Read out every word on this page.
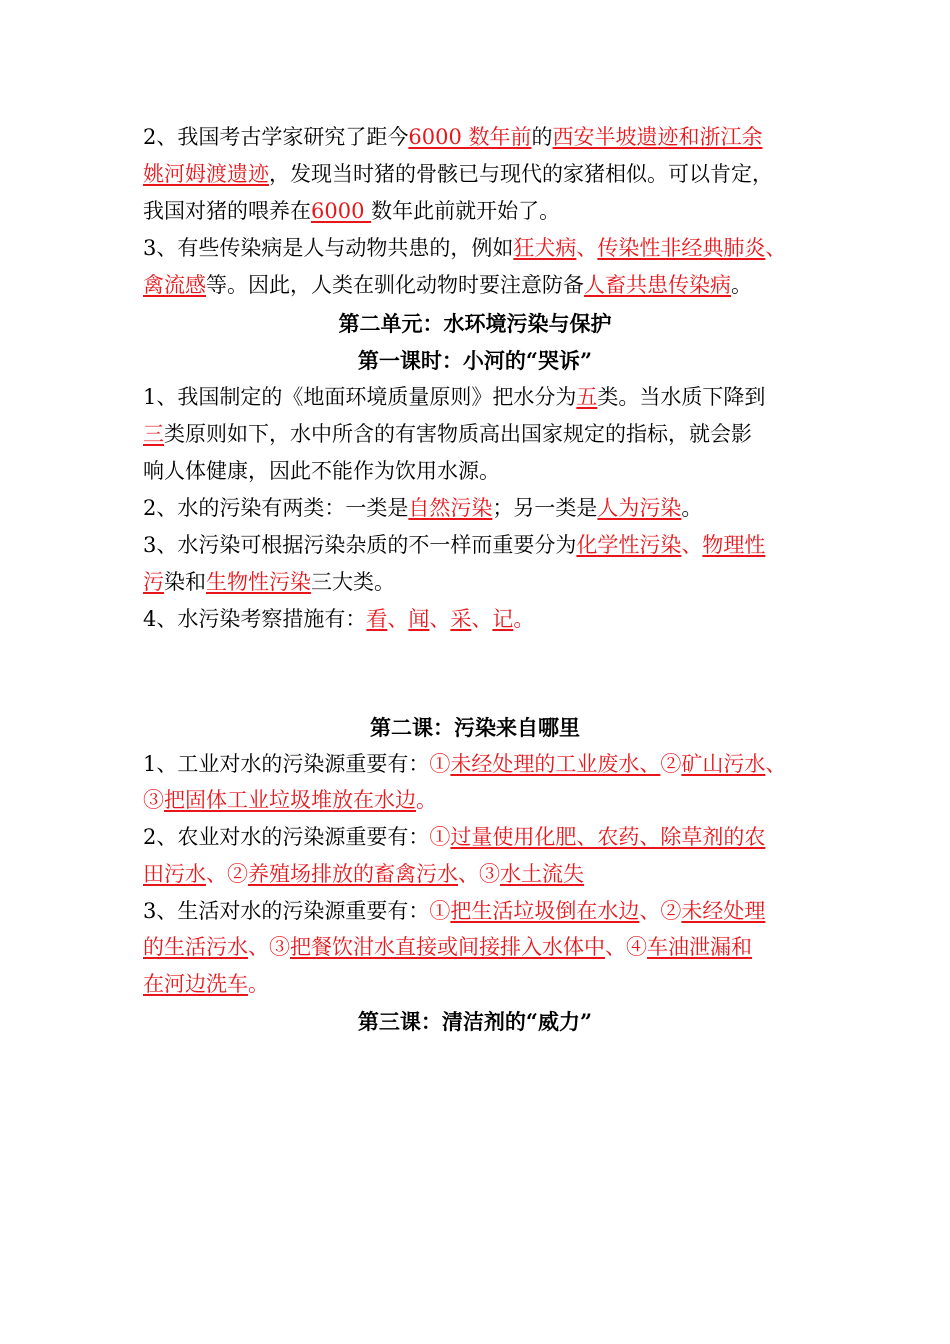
2、我国考古学家研究了距今6000 数年前的西安半坡遗迹和浙江余
姚河姆渡遗迹，发现当时猪的骨骸已与现代的家猪相似。可以肯定，
我国对猪的喂养在6000 数年此前就开始了。
3、有些传染病是人与动物共患的，例如狂犬病、传染性非经典肺炎、
禽流感等。因此，人类在驯化动物时要注意防备人畜共患传染病。
第二单元：水环境污染与保护
第一课时：小河的“哭诉”
1、我国制定的《地面环境质量原则》把水分为五类。当水质下降到
三类原则如下，水中所含的有害物质高出国家规定的指标，就会影
响人体健康，因此不能作为饮用水源。
2、水的污染有两类：一类是自然污染；另一类是人为污染。
3、水污染可根据污染杂质的不一样而重要分为化学性污染、物理性
污染和生物性污染三大类。
4、水污染考察措施有：看、闻、采、记。
第二课：污染来自哪里
1、工业对水的污染源重要有：①未经处理的工业废水、②矿山污水、
③把固体工业垃圾堆放在水边。
2、农业对水的污染源重要有：①过量使用化肥、农药、除草剂的农
田污水、②养殖场排放的畜禽污水、③水土流失
3、生活对水的污染源重要有：①把生活垃圾倒在水边、②未经处理
的生活污水、③把餐饮泔水直接或间接排入水体中、④车油泄漏和
在河边洗车。
第三课：清洁剂的“威力”
